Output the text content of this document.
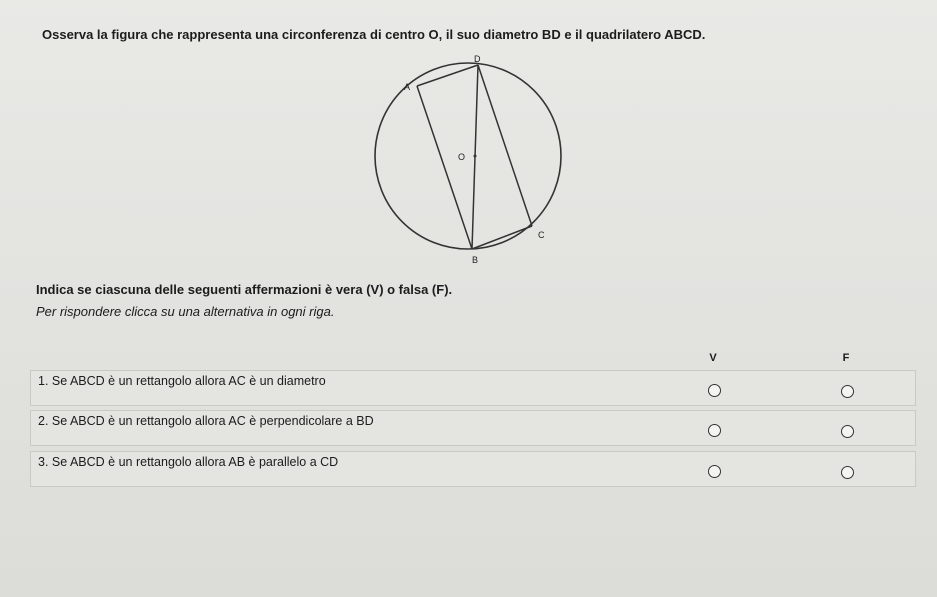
Osserva la figura che rappresenta una circonferenza di centro O, il suo diametro BD e il quadrilatero ABCD.
D
A
O
C
B
Indica se ciascuna delle seguenti affermazioni è vera (V) o falsa (F).
Per rispondere clicca su una alternativa in ogni riga.
V	F
1. Se ABCD è un rettangolo allora AC è un diametro
2. Se ABCD è un rettangolo allora AC è perpendicolare a BD
3. Se ABCD è un rettangolo allora AB è parallelo a CD
